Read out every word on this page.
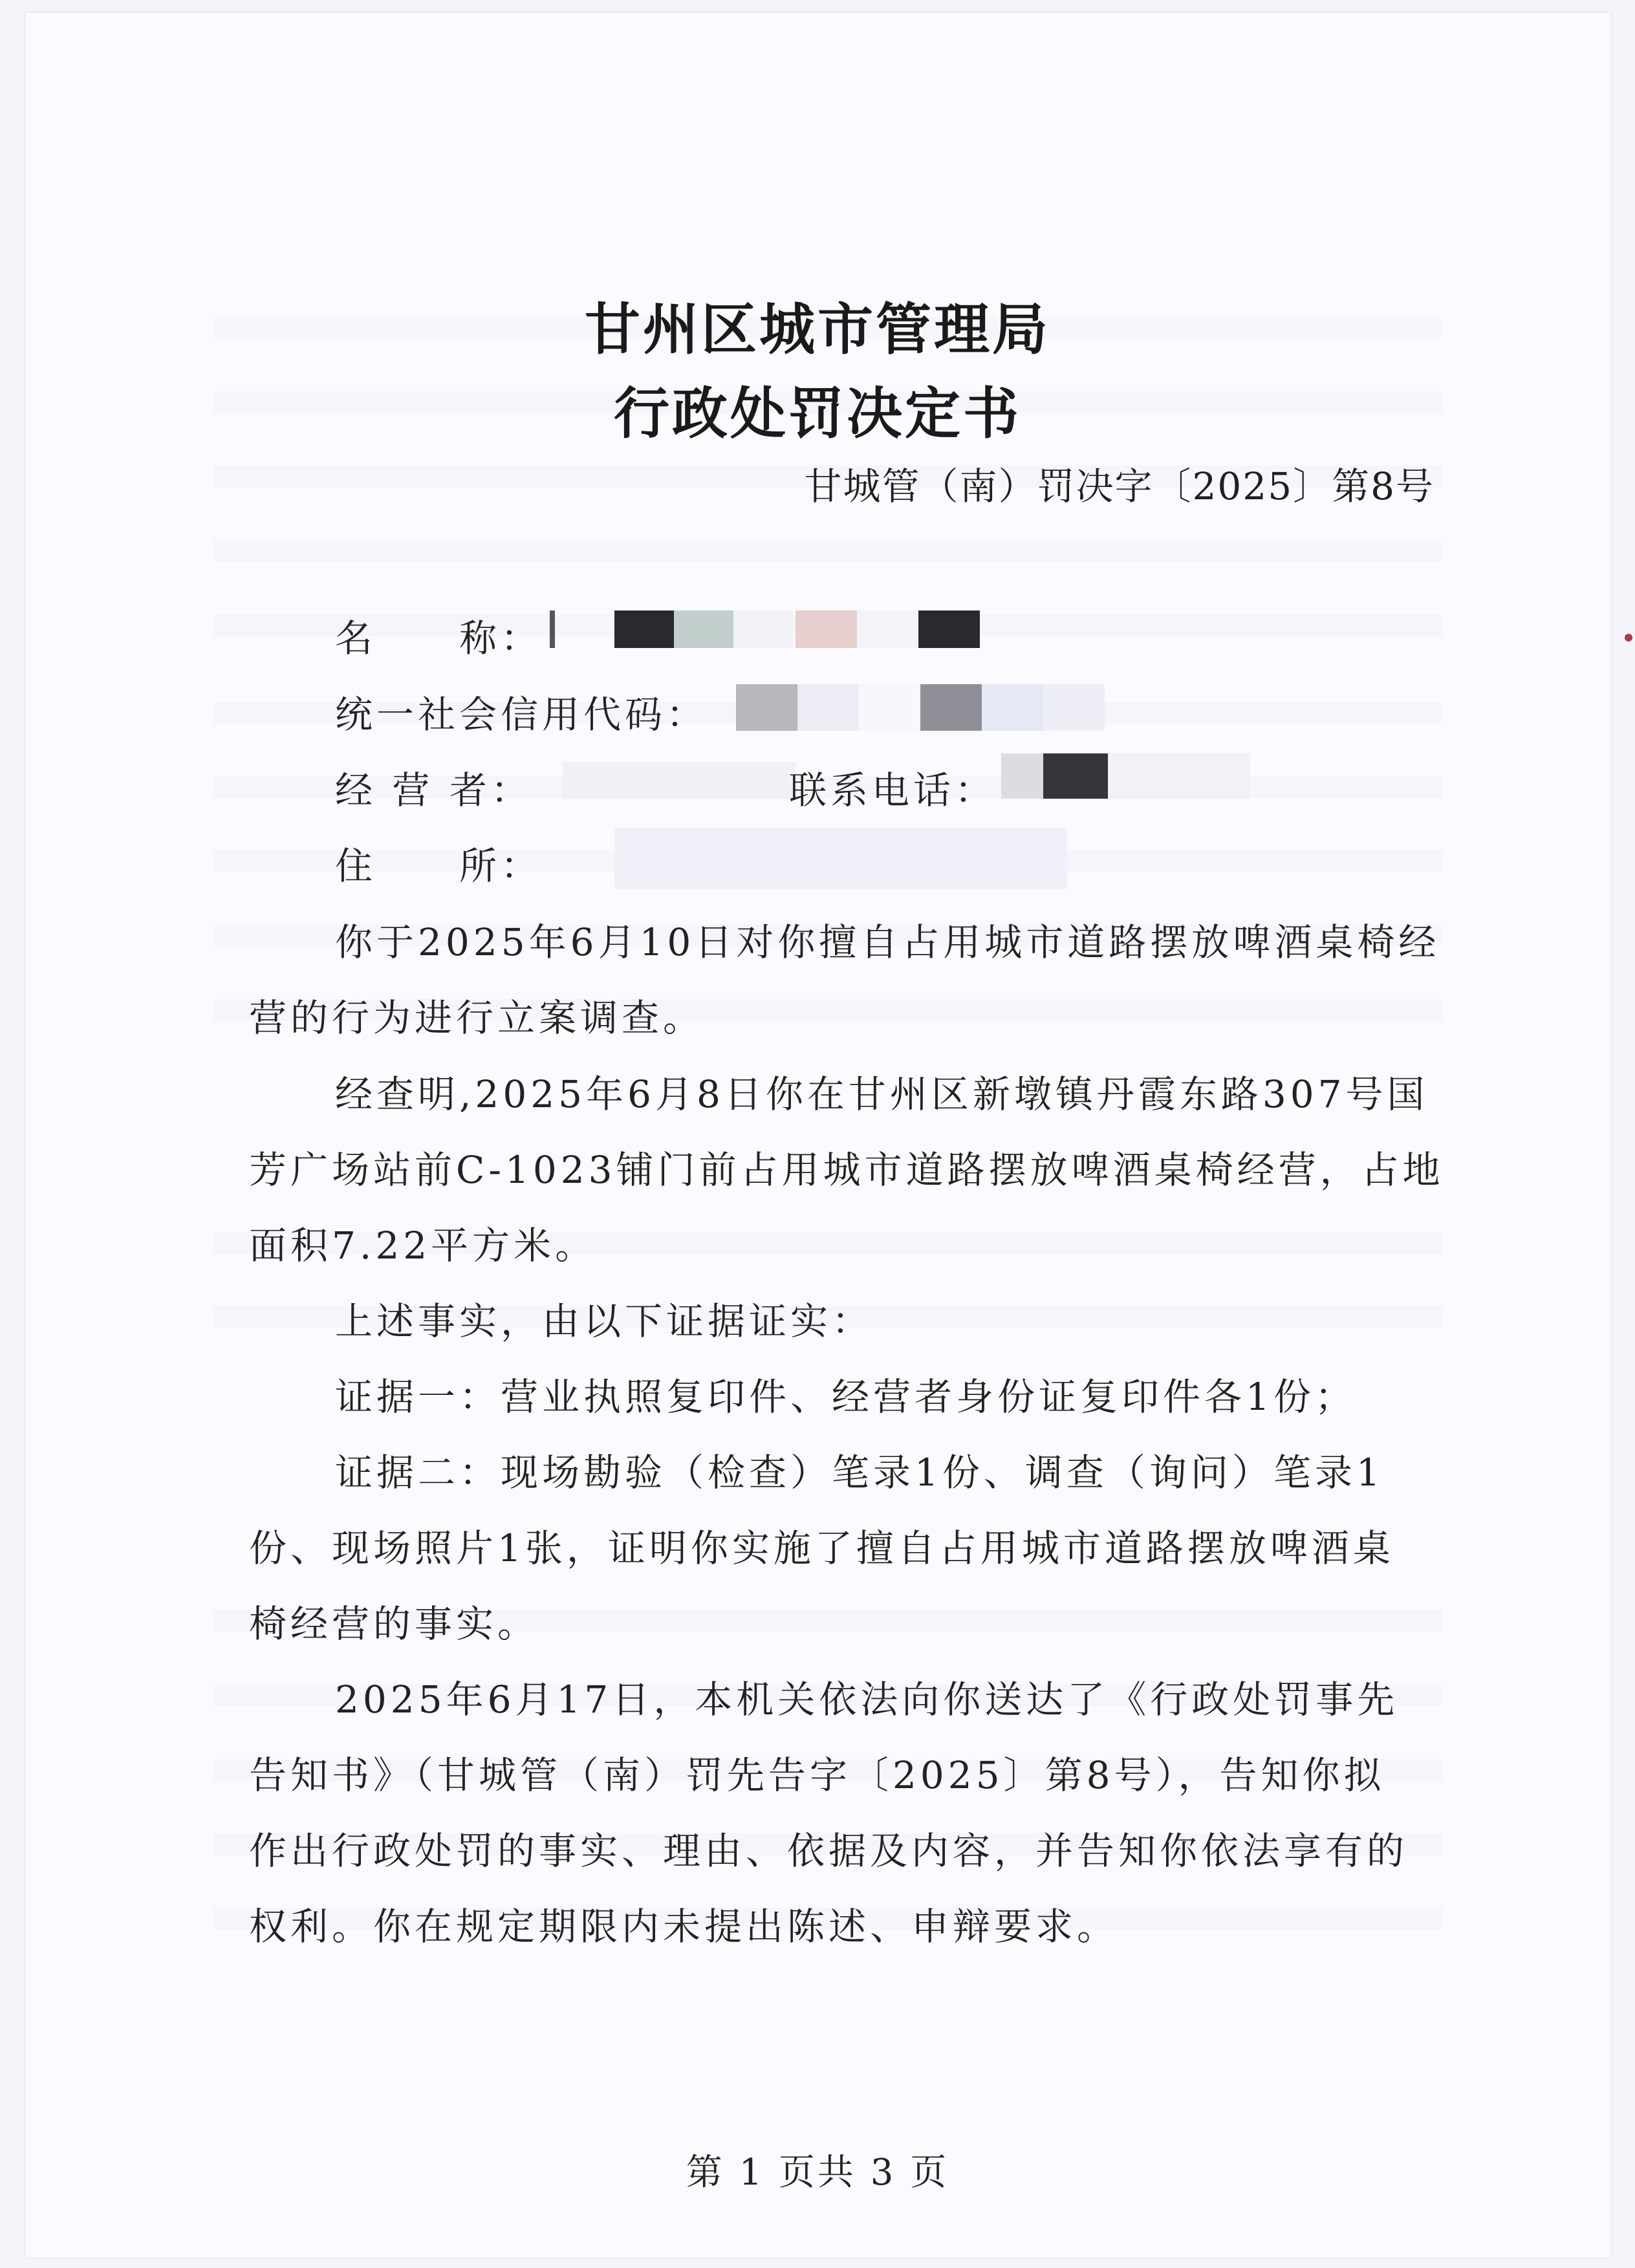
甘州区城市管理局
行政处罚决定书
甘城管（南）罚决字〔2025〕第8号
名　　称：
统一社会信用代码：
经 营 者：	联系电话：
住　　所：
你于2025年6月10日对你擅自占用城市道路摆放啤酒桌椅经
营的行为进行立案调查。
经查明,2025年6月8日你在甘州区新墩镇丹霞东路307号国
芳广场站前C-1023铺门前占用城市道路摆放啤酒桌椅经营，占地
面积7.22平方米。
上述事实，由以下证据证实：
证据一：营业执照复印件、经营者身份证复印件各1份；
证据二：现场勘验（检查）笔录1份、调查（询问）笔录1
份、现场照片1张，证明你实施了擅自占用城市道路摆放啤酒桌
椅经营的事实。
2025年6月17日，本机关依法向你送达了《行政处罚事先
告知书》（甘城管（南）罚先告字〔2025〕第8号），告知你拟
作出行政处罚的事实、理由、依据及内容，并告知你依法享有的
权利。你在规定期限内未提出陈述、申辩要求。
第 1 页共 3 页
